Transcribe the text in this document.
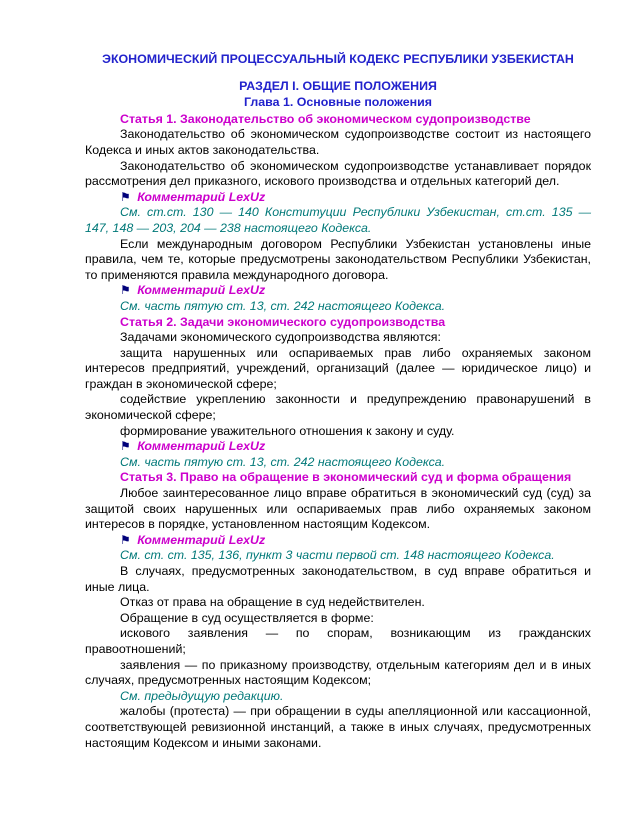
ЭКОНОМИЧЕСКИЙ ПРОЦЕССУАЛЬНЫЙ КОДЕКС РЕСПУБЛИКИ УЗБЕКИСТАН
РАЗДЕЛ I. ОБЩИЕ ПОЛОЖЕНИЯ
Глава 1. Основные положения

Статья 1. Законодательство об экономическом судопроизводстве

Законодательство об экономическом судопроизводстве состоит из настоящего Кодекса и иных актов законодательства.

Законодательство об экономическом судопроизводстве устанавливает порядок рассмотрения дел приказного, искового производства и отдельных категорий дел.

⚑ Комментарий LexUz

См. ст.ст. 130 — 140 Конституции Республики Узбекистан, ст.ст. 135 — 147, 148 — 203, 204 — 238 настоящего Кодекса.

Если международным договором Республики Узбекистан установлены иные правила, чем те, которые предусмотрены законодательством Республики Узбекистан, то применяются правила международного договора.

⚑ Комментарий LexUz

См. часть пятую ст. 13, ст. 242 настоящего Кодекса.

Статья 2. Задачи экономического судопроизводства

Задачами экономического судопроизводства являются:

защита нарушенных или оспариваемых прав либо охраняемых законом интересов предприятий, учреждений, организаций (далее — юридическое лицо) и граждан в экономической сфере;

содействие укреплению законности и предупреждению правонарушений в экономической сфере;

формирование уважительного отношения к закону и суду.

⚑ Комментарий LexUz

См. часть пятую ст. 13, ст. 242 настоящего Кодекса.

Статья 3. Право на обращение в экономический суд и форма обращения

Любое заинтересованное лицо вправе обратиться в экономический суд (суд) за защитой своих нарушенных или оспариваемых прав либо охраняемых законом интересов в порядке, установленном настоящим Кодексом.

⚑ Комментарий LexUz

См. ст. ст. 135, 136, пункт 3 части первой ст. 148 настоящего Кодекса.

В случаях, предусмотренных законодательством, в суд вправе обратиться и иные лица.

Отказ от права на обращение в суд недействителен.

Обращение в суд осуществляется в форме:

искового заявления — по спорам, возникающим из гражданских правоотношений;

заявления — по приказному производству, отдельным категориям дел и в иных случаях, предусмотренных настоящим Кодексом;

См. предыдущую редакцию.

жалобы (протеста) — при обращении в суды апелляционной или кассационной, соответствующей ревизионной инстанций, а также в иных случаях, предусмотренных настоящим Кодексом и иными законами.
